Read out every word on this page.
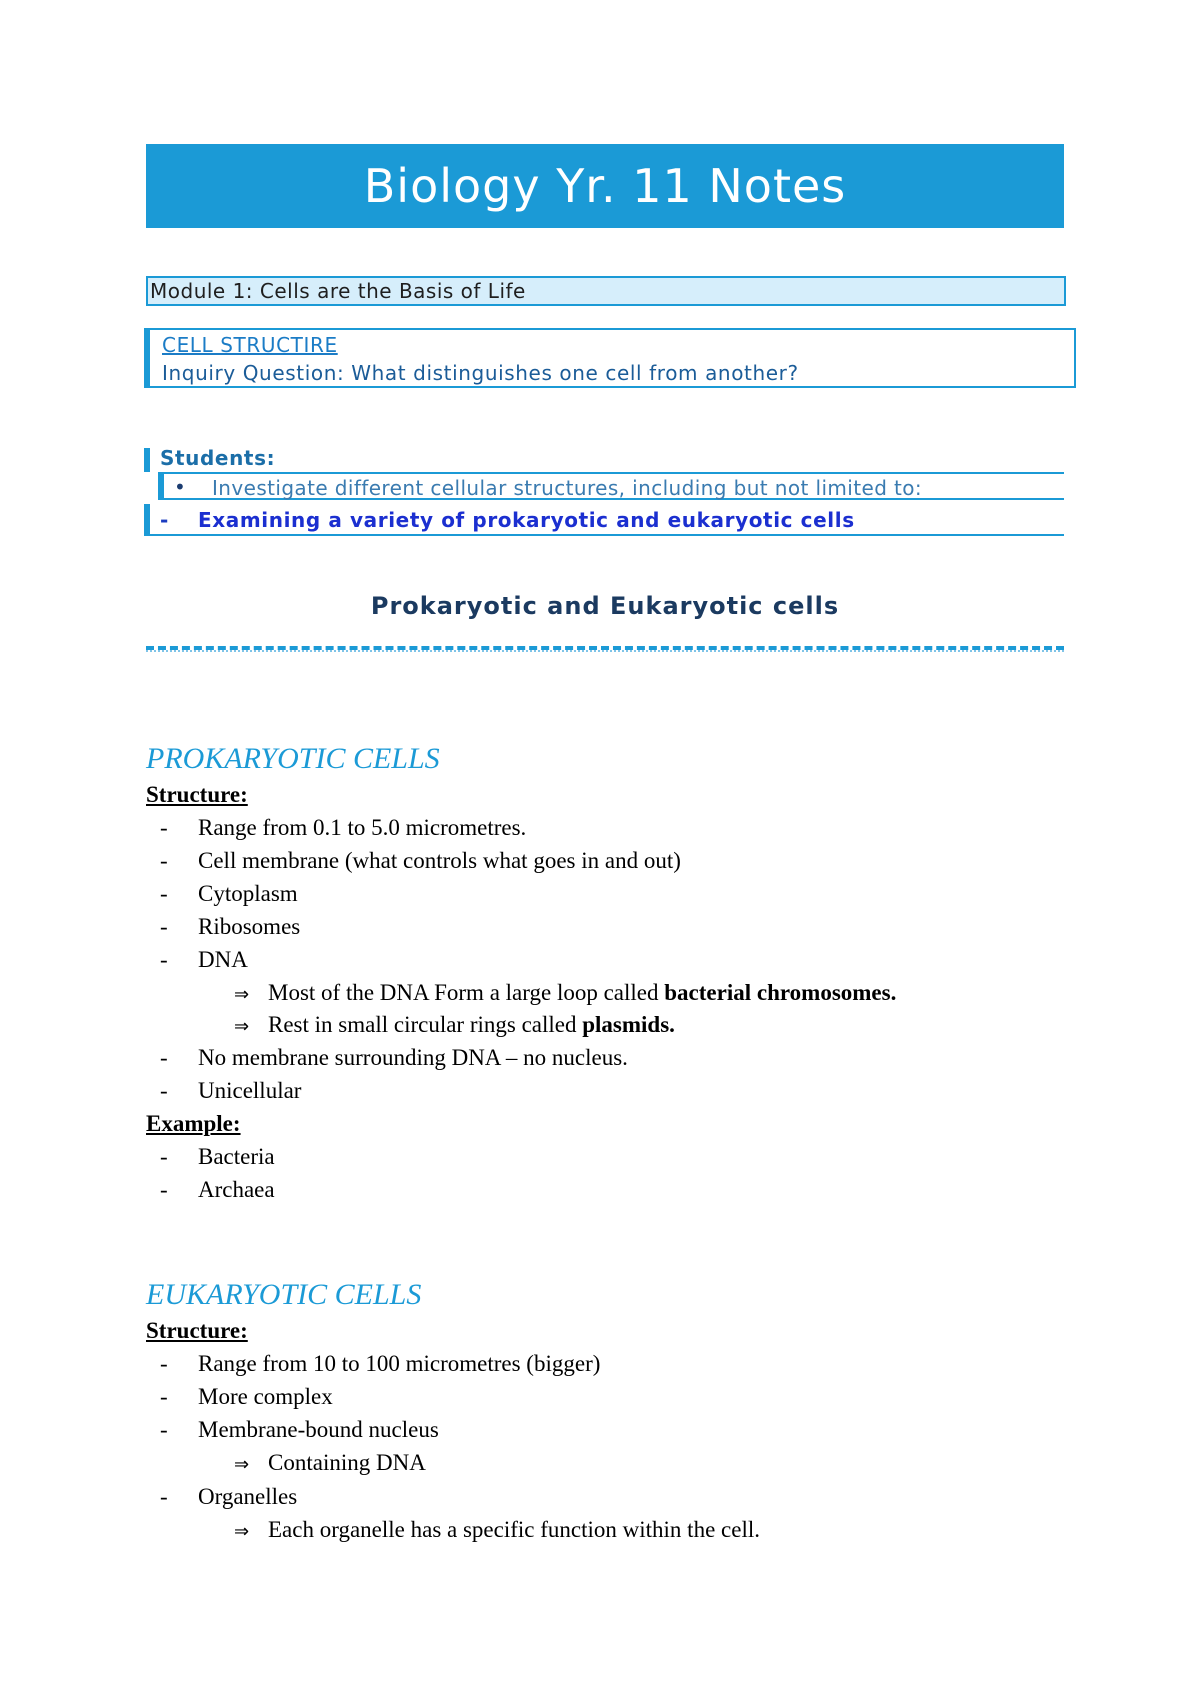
Biology Yr. 11 Notes
Module 1: Cells are the Basis of Life
CELL STRUCTIRE
Inquiry Question: What distinguishes one cell from another?
Students:
• Investigate different cellular structures, including but not limited to:
- Examining a variety of prokaryotic and eukaryotic cells
Prokaryotic and Eukaryotic cells
PROKARYOTIC CELLS
Structure:
- Range from 0.1 to 5.0 micrometres.
- Cell membrane (what controls what goes in and out)
- Cytoplasm
- Ribosomes
- DNA
⇒ Most of the DNA Form a large loop called bacterial chromosomes.
⇒ Rest in small circular rings called plasmids.
- No membrane surrounding DNA – no nucleus.
- Unicellular
Example:
- Bacteria
- Archaea
EUKARYOTIC CELLS
Structure:
- Range from 10 to 100 micrometres (bigger)
- More complex
- Membrane-bound nucleus
⇒ Containing DNA
- Organelles
⇒ Each organelle has a specific function within the cell.
